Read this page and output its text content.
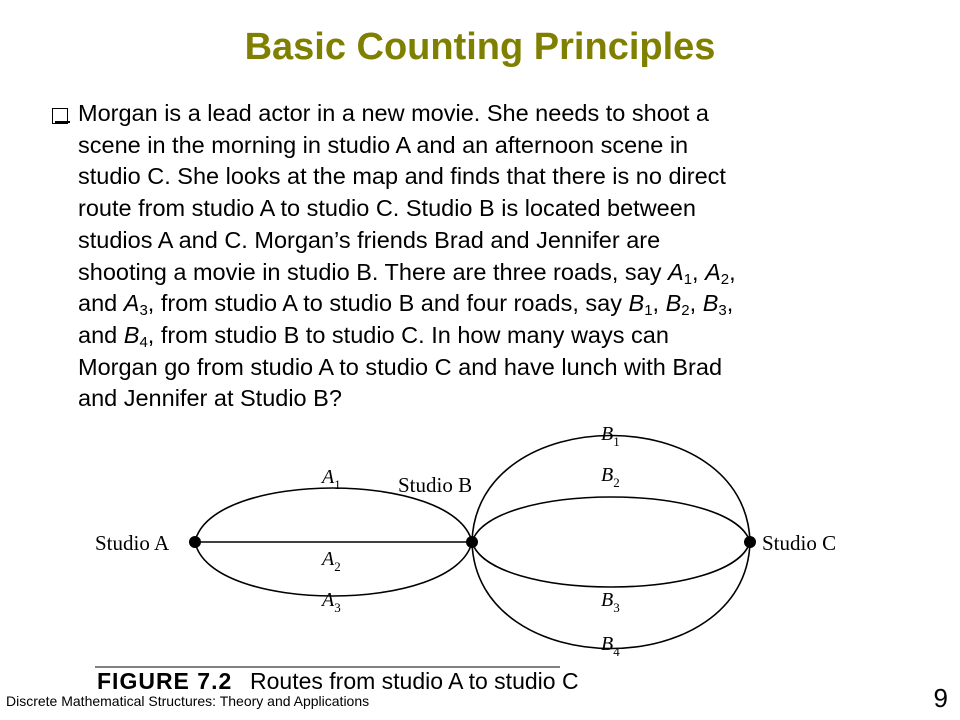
Basic Counting Principles
Morgan is a lead actor in a new movie. She needs to shoot a
scene in the morning in studio A and an afternoon scene in
studio C. She looks at the map and finds that there is no direct
route from studio A to studio C. Studio B is located between
studios A and C. Morgan’s friends Brad and Jennifer are
shooting a movie in studio B. There are three roads, say $A_1$, $A_2$,
and $A_3$, from studio A to studio B and four roads, say $B_1$, $B_2$, $B_3$,
and $B_4$, from studio B to studio C. In how many ways can
Morgan go from studio A to studio C and have lunch with Brad
and Jennifer at Studio B?
Studio A
Studio B
Studio C
$A_1$
$A_2$
$A_3$
$B_1$
$B_2$
$B_3$
$B_4$
FIGURE 7.2 Routes from studio A to studio C
Discrete Mathematical Structures: Theory and Applications	9
